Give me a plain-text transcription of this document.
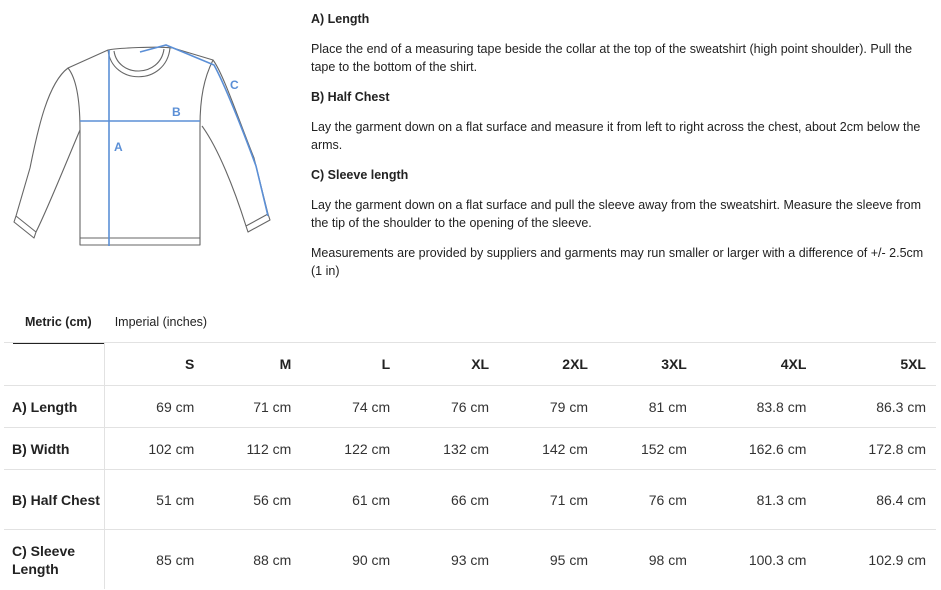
A
B
C

A) Length

Place the end of a measuring tape beside the collar at the top of the sweatshirt (high point shoulder). Pull the tape to the bottom of the shirt.

B) Half Chest

Lay the garment down on a flat surface and measure it from left to right across the chest, about 2cm below the arms.

C) Sleeve length

Lay the garment down on a flat surface and pull the sleeve away from the sweatshirt. Measure the sleeve from the tip of the shoulder to the opening of the sleeve.

Measurements are provided by suppliers and garments may run smaller or larger with a difference of +/- 2.5cm (1 in)

Metric (cm)	Imperial (inches)
	S	M	L	XL	2XL	3XL	4XL	5XL
A) Length	69 cm	71 cm	74 cm	76 cm	79 cm	81 cm	83.8 cm	86.3 cm
B) Width	102 cm	112 cm	122 cm	132 cm	142 cm	152 cm	162.6 cm	172.8 cm
B) Half Chest	51 cm	56 cm	61 cm	66 cm	71 cm	76 cm	81.3 cm	86.4 cm
C) Sleeve Length	85 cm	88 cm	90 cm	93 cm	95 cm	98 cm	100.3 cm	102.9 cm
